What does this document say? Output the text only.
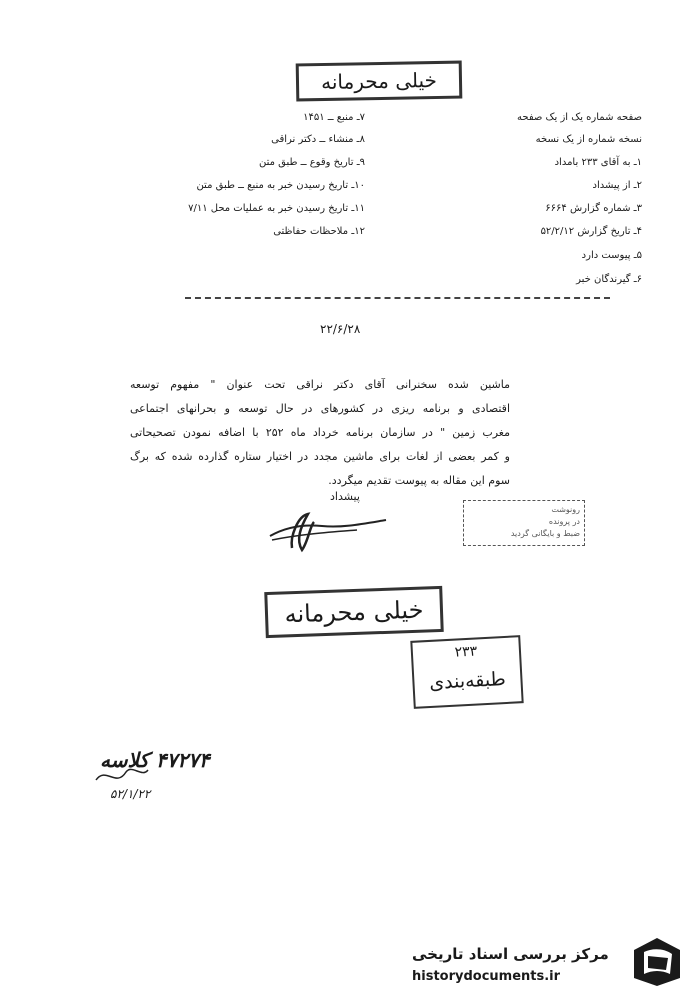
خیلی محرمانه
صفحه شماره یک از یک صفحه
نسخه شماره از یک نسخه
۱ـ به آقای ۲۳۳ بامداد
۲ـ از پیشداد
۳ـ شماره گزارش ۶۶۶۴
۴ـ تاریخ گزارش ۵۲/۲/۱۲
۵ـ پیوست دارد
۶ـ گیرندگان خبر
۷ـ منبع ــ ۱۴۵۱
۸ـ منشاء ــ دکتر نراقی
۹ـ تاریخ وقوع ــ طبق متن
۱۰ـ تاریخ رسیدن خبر به منبع ــ طبق متن
۱۱ـ تاریخ رسیدن خبر به عملیات محل ۷/۱۱
۱۲ـ ملاحظات حفاظتی
۲۲/۶/۲۸
ماشین شده سخنرانی آقای دکتر نراقی تحت عنوان " مفهوم توسعه
اقتصادی و برنامه ریزی در کشورهای در حال توسعه و بحرانهای اجتماعی
مغرب زمین " در سازمان برنامه خرداد ماه ۲۵۲ با اضافه نمودن تصحیحاتی
و کمر بعضی از لغات برای ماشین مجدد در اختیار ستاره گذارده شده که برگ
سوم این مقاله به پیوست تقدیم میگردد.
پیشداد
رونوشت
در پرونده
ضبط و بایگانی گردید
خیلی محرمانه
۲۳۳
طبقه‌بندی
۴۷۲۷۴ کلاسه
۵۲/۱/۲۲
مرکز بررسی اسناد تاریخی
historydocuments.ir
